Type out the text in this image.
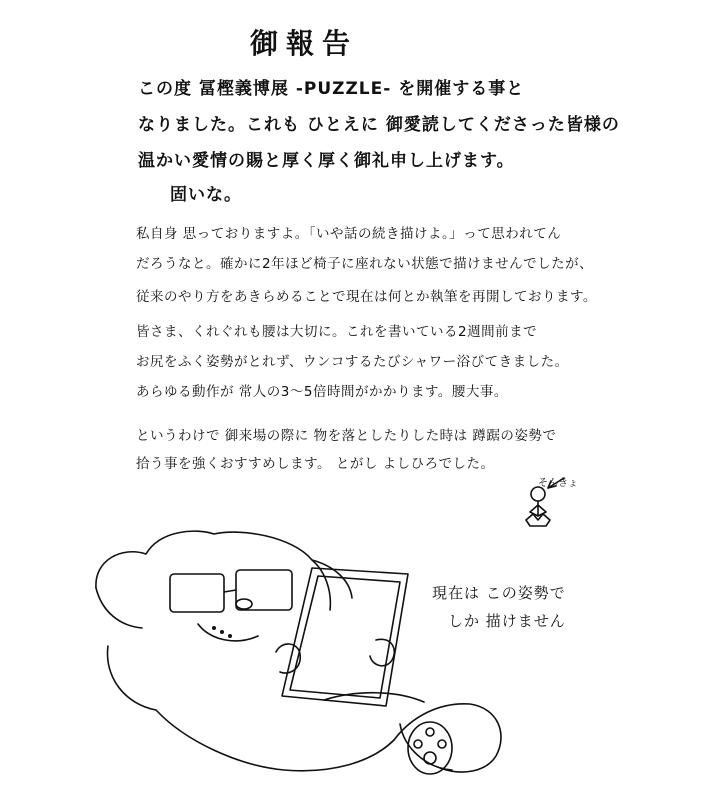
御報告
この度 冨樫義博展 -PUZZLE- を開催する事と
なりました。これも ひとえに 御愛読してくださった皆様の
温かい愛情の賜と厚く厚く御礼申し上げます。
固いな。
私自身 思っておりますよ。「いや話の続き描けよ。」って思われてん
だろうなと。確かに2年ほど椅子に座れない状態で描けませんでしたが、
従来のやり方をあきらめることで現在は何とか執筆を再開しております。
皆さま、くれぐれも腰は大切に。これを書いている2週間前まで
お尻をふく姿勢がとれず、ウンコするたびシャワー浴びてきました。
あらゆる動作が 常人の3～5倍時間がかかります。腰大事。
というわけで 御来場の際に 物を落としたりした時は 蹲踞の姿勢で
拾う事を強くおすすめします。 とがし よしひろでした。
そんきょ
現在は この姿勢で
しか 描けません
